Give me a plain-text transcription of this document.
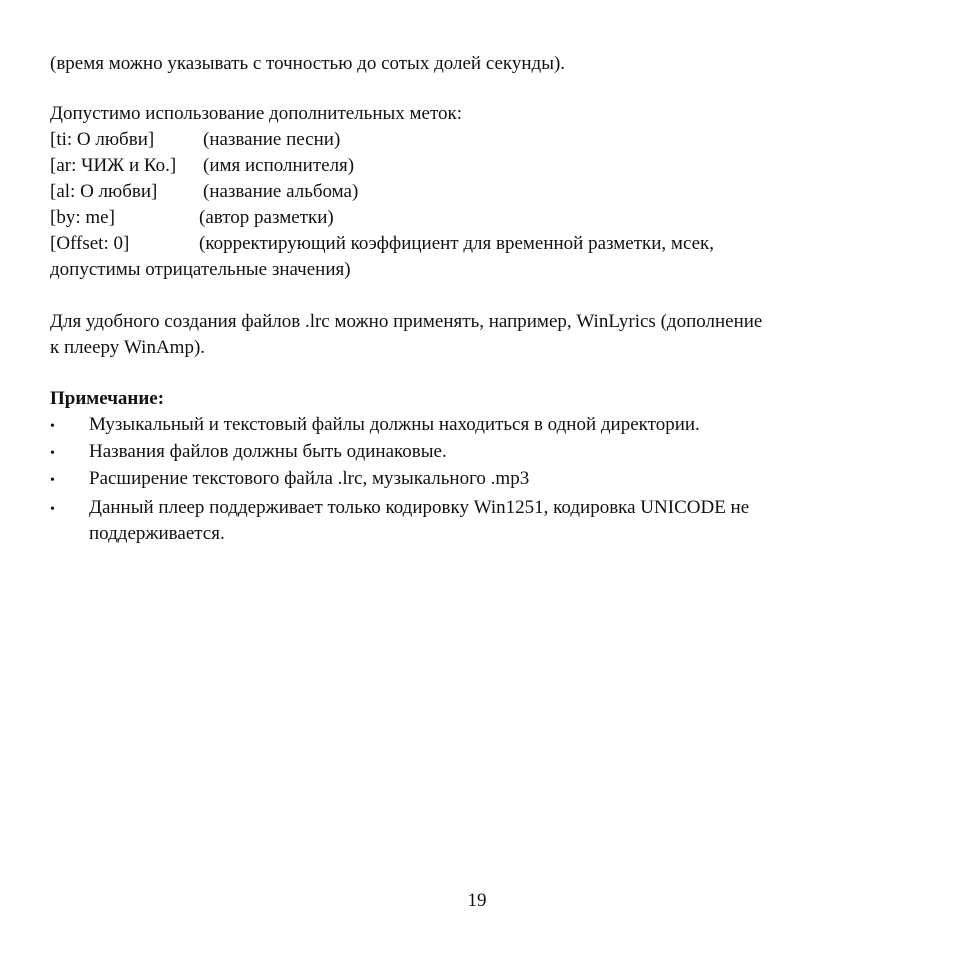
(время можно указывать с точностью до сотых долей секунды).
Допустимо использование дополнительных меток:
[ti: О любви]	(название песни)
[ar: ЧИЖ и Ко.] (имя исполнителя)
[al: О любви] (название альбома)
[by: me]	(автор разметки)
[Offset: 0]	(корректирующий коэффициент для временной разметки, мсек,
допустимы отрицательные значения)
Для удобного создания файлов .lrc можно применять, например, WinLyrics (дополнение
к плееру WinAmp).
Примечание:
• Музыкальный и текстовый файлы должны находиться в одной директории.
• Названия файлов должны быть одинаковые.
• Расширение текстового файла .lrc, музыкального .mp3
• Данный плеер поддерживает только кодировку Win1251, кодировка UNICODE не
поддерживается.
19
